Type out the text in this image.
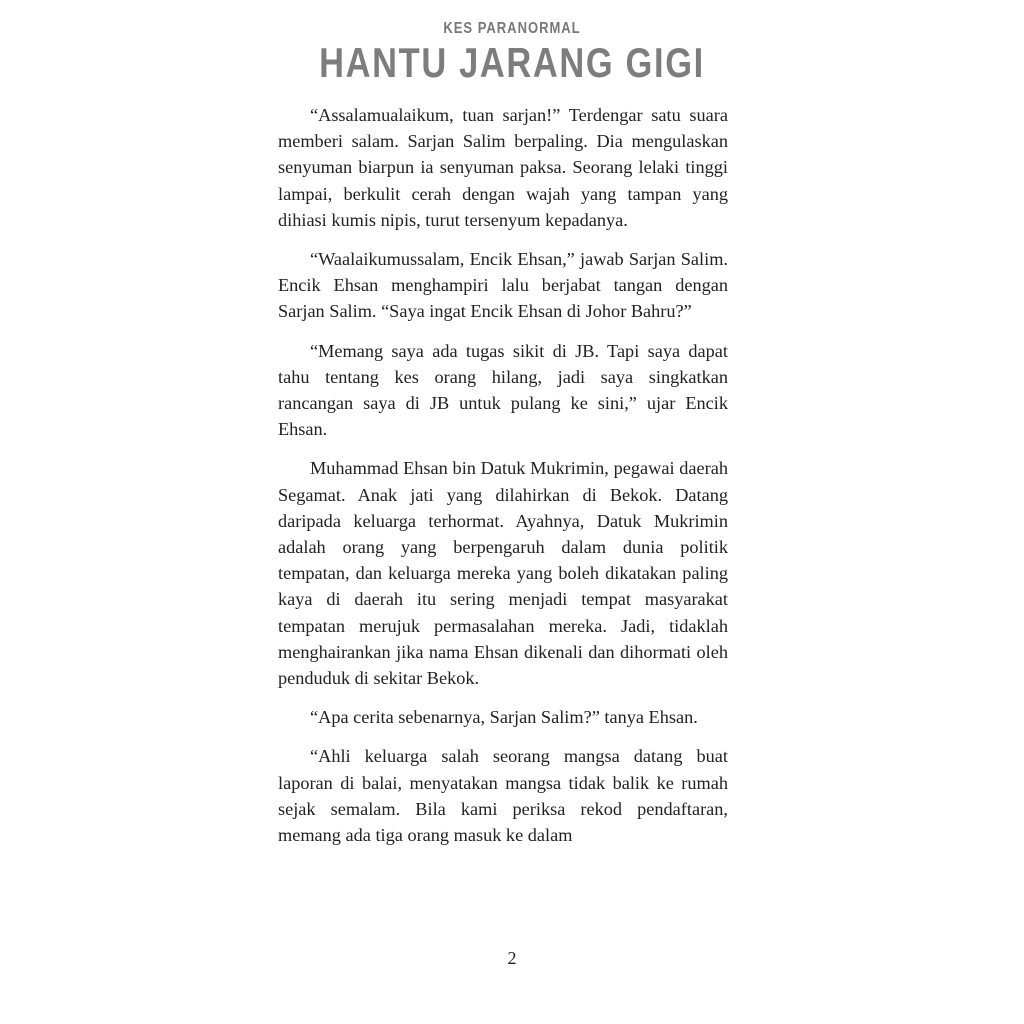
KES PARANORMAL
HANTU JARANG GIGI

“Assalamualaikum, tuan sarjan!” Terdengar satu suara memberi salam. Sarjan Salim berpaling. Dia mengulaskan senyuman biarpun ia senyuman paksa. Seorang lelaki tinggi lampai, berkulit cerah dengan wajah yang tampan yang dihiasi kumis nipis, turut tersenyum kepadanya.

“Waalaikumussalam, Encik Ehsan,” jawab Sarjan Salim. Encik Ehsan menghampiri lalu berjabat tangan dengan Sarjan Salim. “Saya ingat Encik Ehsan di Johor Bahru?”

“Memang saya ada tugas sikit di JB. Tapi saya dapat tahu tentang kes orang hilang, jadi saya singkatkan rancangan saya di JB untuk pulang ke sini,” ujar Encik Ehsan.

Muhammad Ehsan bin Datuk Mukrimin, pegawai daerah Segamat. Anak jati yang dilahirkan di Bekok. Datang daripada keluarga terhormat. Ayahnya, Datuk Mukrimin adalah orang yang berpengaruh dalam dunia politik tempatan, dan keluarga mereka yang boleh dikatakan paling kaya di daerah itu sering menjadi tempat masyarakat tempatan merujuk permasalahan mereka. Jadi, tidaklah menghairankan jika nama Ehsan dikenali dan dihormati oleh penduduk di sekitar Bekok.

“Apa cerita sebenarnya, Sarjan Salim?” tanya Ehsan.

“Ahli keluarga salah seorang mangsa datang buat laporan di balai, menyatakan mangsa tidak balik ke rumah sejak semalam. Bila kami periksa rekod pendaftaran, memang ada tiga orang masuk ke dalam

2
